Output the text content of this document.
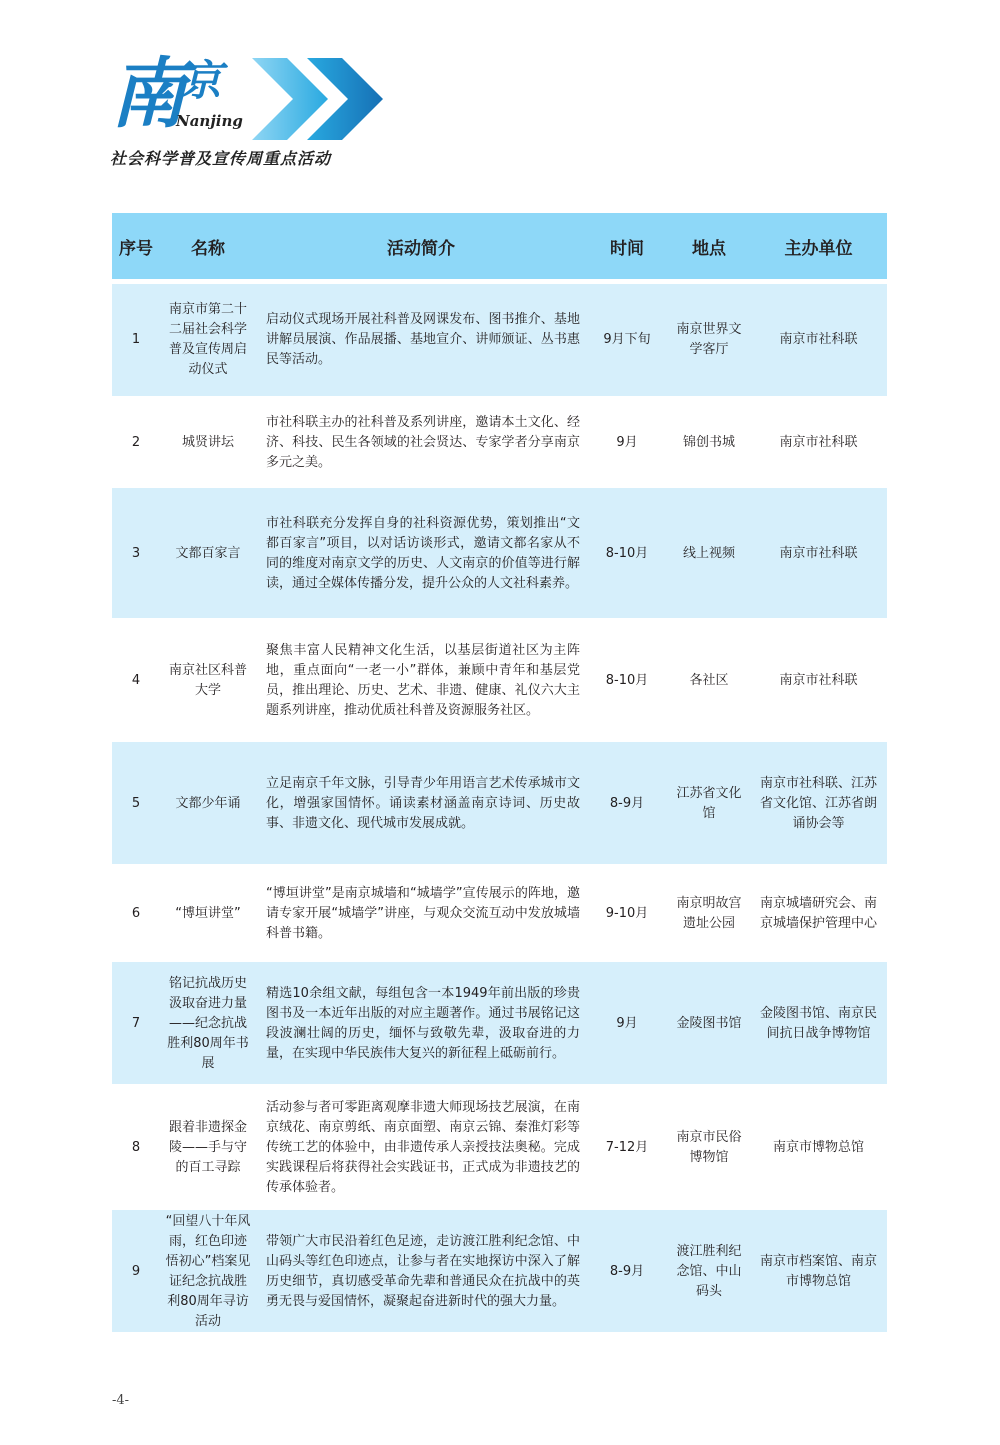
南
京
Nanjing
社会科学普及宣传周重点活动
序号	名称	活动简介	时间	地点	主办单位
1	南京市第二十二届社会科学普及宣传周启动仪式	启动仪式现场开展社科普及网课发布、图书推介、基地讲解员展演、作品展播、基地宣介、讲师颁证、丛书惠民等活动。	9月下旬	南京世界文学客厅	南京市社科联
2	城贤讲坛	市社科联主办的社科普及系列讲座，邀请本土文化、经济、科技、民生各领域的社会贤达、专家学者分享南京多元之美。	9月	锦创书城	南京市社科联
3	文都百家言	市社科联充分发挥自身的社科资源优势，策划推出“文都百家言”项目，以对话访谈形式，邀请文都名家从不同的维度对南京文学的历史、人文南京的价值等进行解读，通过全媒体传播分发，提升公众的人文社科素养。	8-10月	线上视频	南京市社科联
4	南京社区科普大学	聚焦丰富人民精神文化生活，以基层街道社区为主阵地，重点面向“一老一小”群体，兼顾中青年和基层党员，推出理论、历史、艺术、非遗、健康、礼仪六大主题系列讲座，推动优质社科普及资源服务社区。	8-10月	各社区	南京市社科联
5	文都少年诵	立足南京千年文脉，引导青少年用语言艺术传承城市文化，增强家国情怀。诵读素材涵盖南京诗词、历史故事、非遗文化、现代城市发展成就。	8-9月	江苏省文化馆	南京市社科联、江苏省文化馆、江苏省朗诵协会等
6	“博垣讲堂”	“博垣讲堂”是南京城墙和“城墙学”宣传展示的阵地，邀请专家开展“城墙学”讲座，与观众交流互动中发放城墙科普书籍。	9-10月	南京明故宫遗址公园	南京城墙研究会、南京城墙保护管理中心
7	铭记抗战历史 汲取奋进力量——纪念抗战胜利80周年书展	精选10余组文献，每组包含一本1949年前出版的珍贵图书及一本近年出版的对应主题著作。通过书展铭记这段波澜壮阔的历史，缅怀与致敬先辈，汲取奋进的力量，在实现中华民族伟大复兴的新征程上砥砺前行。	9月	金陵图书馆	金陵图书馆、南京民间抗日战争博物馆
8	跟着非遗探金陵——手与守的百工寻踪	活动参与者可零距离观摩非遗大师现场技艺展演，在南京绒花、南京剪纸、南京面塑、南京云锦、秦淮灯彩等传统工艺的体验中，由非遗传承人亲授技法奥秘。完成实践课程后将获得社会实践证书，正式成为非遗技艺的传承体验者。	7-12月	南京市民俗博物馆	南京市博物总馆
9	“回望八十年风雨，红色印迹悟初心”档案见证纪念抗战胜利80周年寻访活动	带领广大市民沿着红色足迹，走访渡江胜利纪念馆、中山码头等红色印迹点，让参与者在实地探访中深入了解历史细节，真切感受革命先辈和普通民众在抗战中的英勇无畏与爱国情怀，凝聚起奋进新时代的强大力量。	8-9月	渡江胜利纪念馆、中山码头	南京市档案馆、南京市博物总馆
-4-
